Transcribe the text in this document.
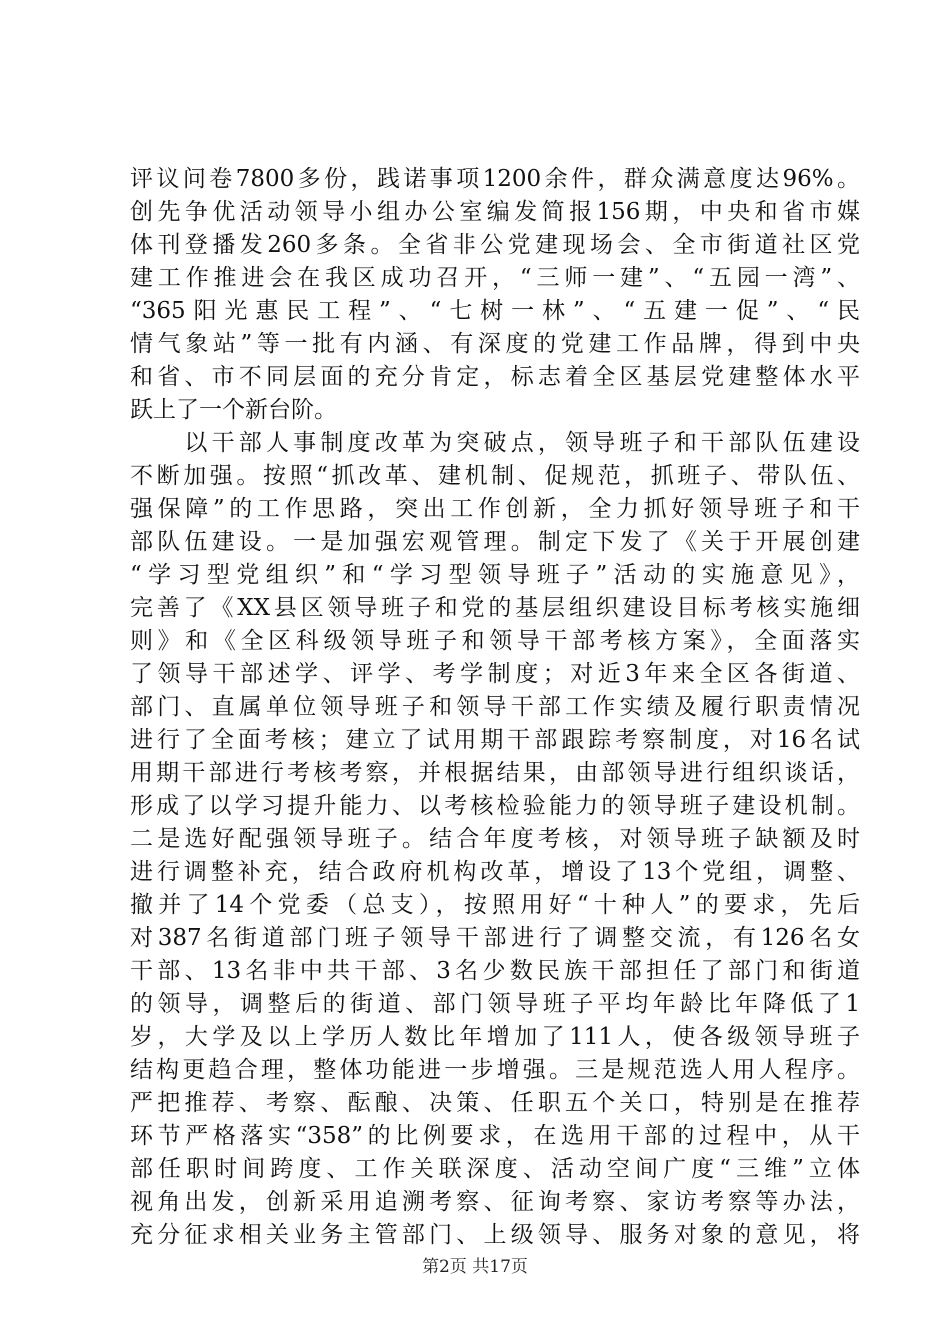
评议问卷7800多份，践诺事项1200余件，群众满意度达96%。
创先争优活动领导小组办公室编发简报156期，中央和省市媒
体刊登播发260多条。全省非公党建现场会、全市街道社区党
建工作推进会在我区成功召开，“三师一建”、“五园一湾”、
“365阳光惠民工程”、“七树一林”、“五建一促”、“民
情气象站”等一批有内涵、有深度的党建工作品牌，得到中央
和省、市不同层面的充分肯定，标志着全区基层党建整体水平
跃上了一个新台阶。
　　以干部人事制度改革为突破点，领导班子和干部队伍建设
不断加强。按照“抓改革、建机制、促规范，抓班子、带队伍、
强保障”的工作思路，突出工作创新，全力抓好领导班子和干
部队伍建设。一是加强宏观管理。制定下发了《关于开展创建
“学习型党组织”和“学习型领导班子”活动的实施意见》，
完善了《XX县区领导班子和党的基层组织建设目标考核实施细
则》和《全区科级领导班子和领导干部考核方案》，全面落实
了领导干部述学、评学、考学制度；对近3年来全区各街道、
部门、直属单位领导班子和领导干部工作实绩及履行职责情况
进行了全面考核；建立了试用期干部跟踪考察制度，对16名试
用期干部进行考核考察，并根据结果，由部领导进行组织谈话，
形成了以学习提升能力、以考核检验能力的领导班子建设机制。
二是选好配强领导班子。结合年度考核，对领导班子缺额及时
进行调整补充，结合政府机构改革，增设了13个党组，调整、
撤并了14个党委（总支），按照用好“十种人”的要求，先后
对387名街道部门班子领导干部进行了调整交流，有126名女
干部、13名非中共干部、3名少数民族干部担任了部门和街道
的领导，调整后的街道、部门领导班子平均年龄比年降低了1
岁，大学及以上学历人数比年增加了111人，使各级领导班子
结构更趋合理，整体功能进一步增强。三是规范选人用人程序。
严把推荐、考察、酝酿、决策、任职五个关口，特别是在推荐
环节严格落实“358”的比例要求，在选用干部的过程中，从干
部任职时间跨度、工作关联深度、活动空间广度“三维”立体
视角出发，创新采用追溯考察、征询考察、家访考察等办法，
充分征求相关业务主管部门、上级领导、服务对象的意见，将
第2页 共17页
